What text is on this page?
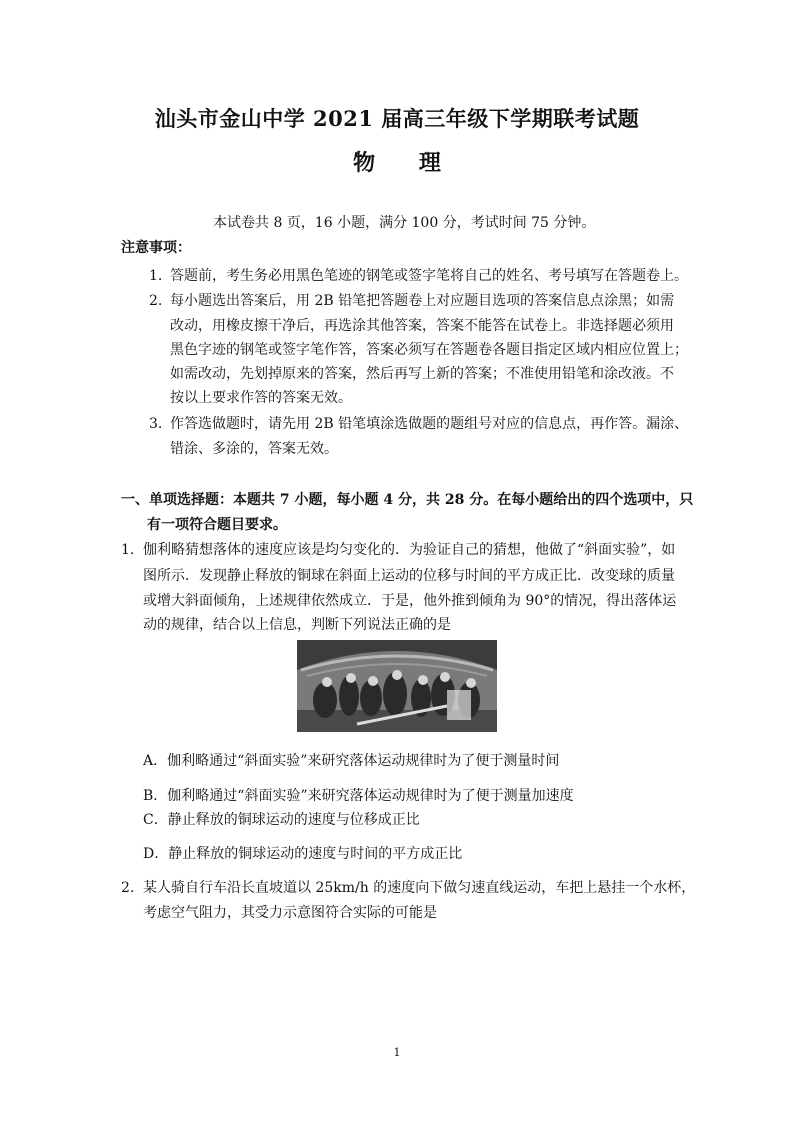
汕头市金山中学 2021 届高三年级下学期联考试题
物 理
本试卷共 8 页，16 小题，满分 100 分，考试时间 75 分钟。
注意事项：
1. 答题前，考生务必用黑色笔迹的钢笔或签字笔将自己的姓名、考号填写在答题卷上。
2. 每小题选出答案后，用 2B 铅笔把答题卷上对应题目选项的答案信息点涂黑；如需
改动，用橡皮擦干净后，再选涂其他答案，答案不能答在试卷上。非选择题必须用
黑色字迹的钢笔或签字笔作答，答案必须写在答题卷各题目指定区域内相应位置上；
如需改动，先划掉原来的答案，然后再写上新的答案；不准使用铅笔和涂改液。不
按以上要求作答的答案无效。
3. 作答选做题时，请先用 2B 铅笔填涂选做题的题组号对应的信息点，再作答。漏涂、
错涂、多涂的，答案无效。
一、单项选择题：本题共 7 小题，每小题 4 分，共 28 分。在每小题给出的四个选项中，只
有一项符合题目要求。
1. 伽利略猜想落体的速度应该是均匀变化的．为验证自己的猜想，他做了“斜面实验”，如
图所示．发现静止释放的铜球在斜面上运动的位移与时间的平方成正比．改变球的质量
或增大斜面倾角，上述规律依然成立．于是，他外推到倾角为 90°的情况，得出落体运
动的规律，结合以上信息，判断下列说法正确的是
A．伽利略通过“斜面实验”来研究落体运动规律时为了便于测量时间
B．伽利略通过“斜面实验”来研究落体运动规律时为了便于测量加速度
C．静止释放的铜球运动的速度与位移成正比
D．静止释放的铜球运动的速度与时间的平方成正比
2. 某人骑自行车沿长直坡道以 25km/h 的速度向下做匀速直线运动，车把上悬挂一个水杯，
考虑空气阻力，其受力示意图符合实际的可能是
1
